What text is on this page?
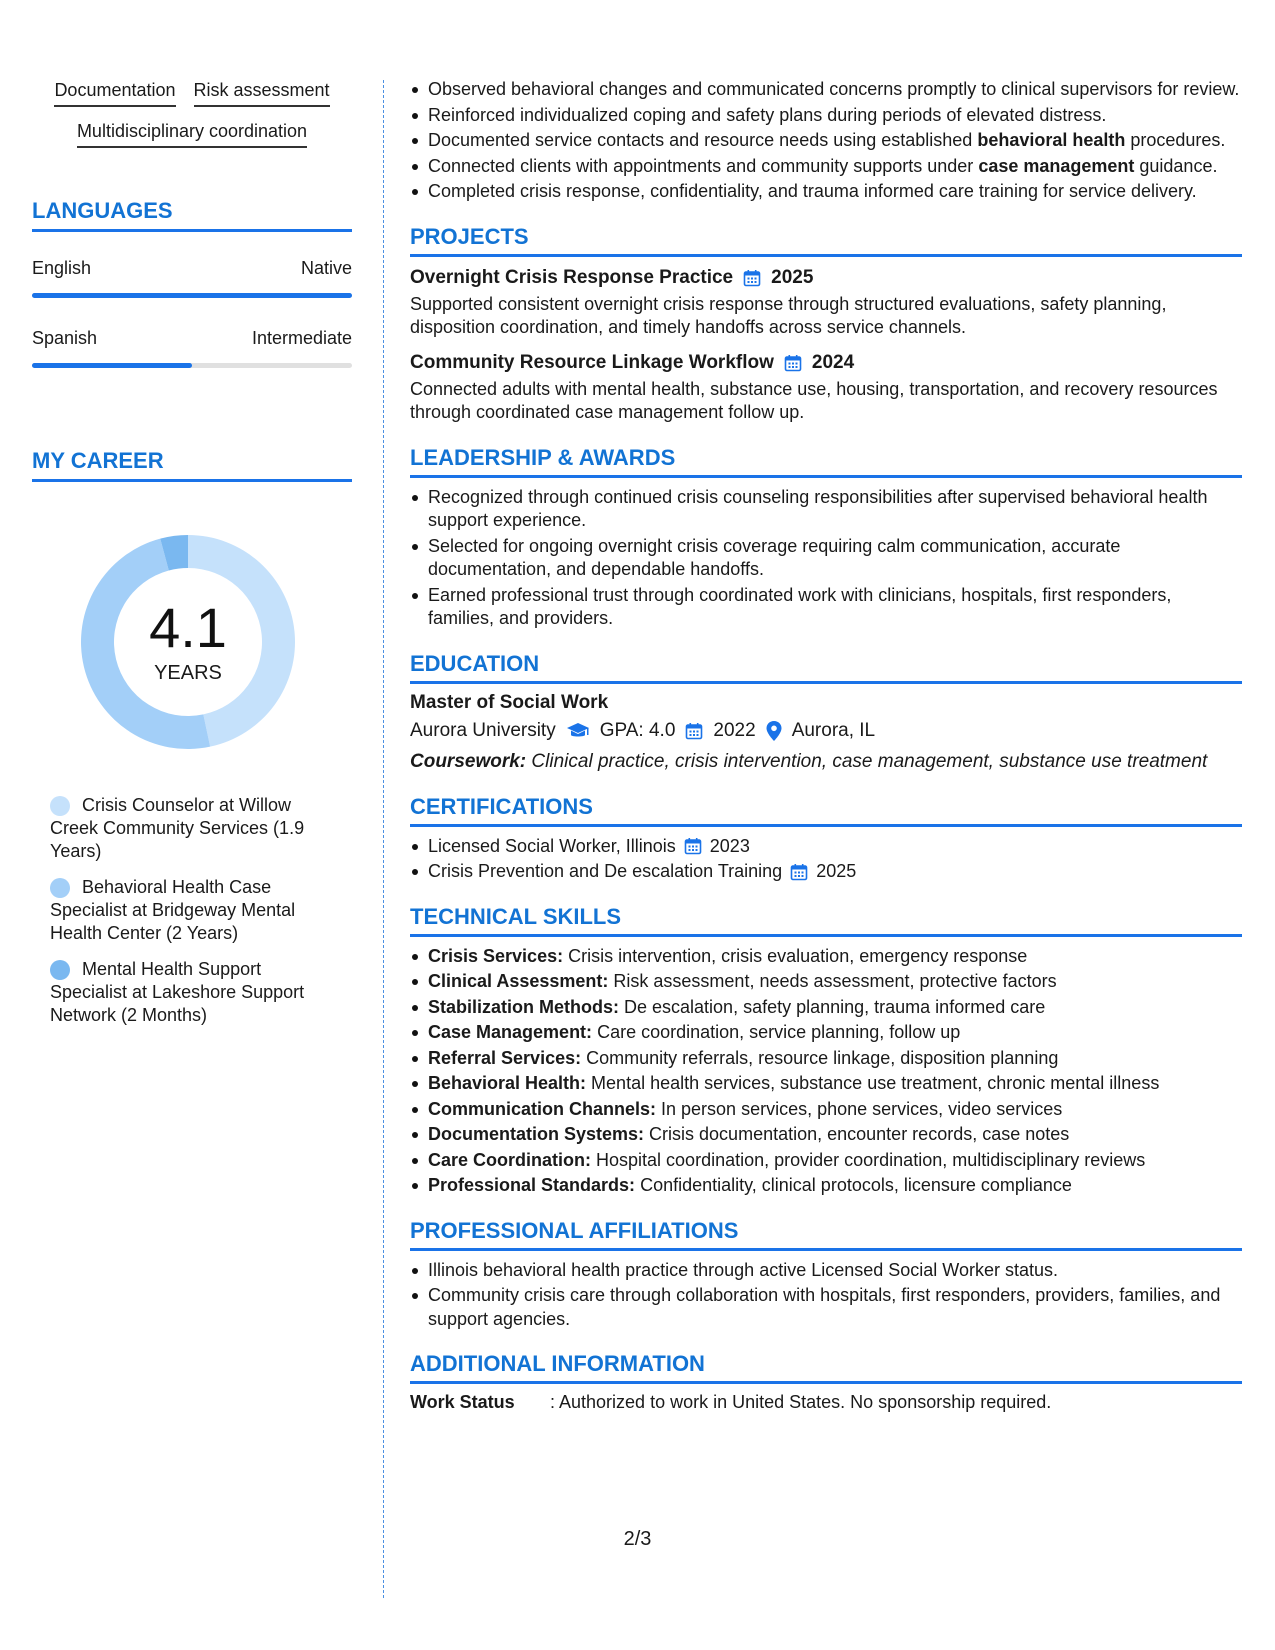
Documentation Risk assessment
Multidisciplinary coordination
LANGUAGES
English	Native
Spanish	Intermediate
MY CAREER
4.1
YEARS
Crisis Counselor at Willow Creek Community Services (1.9 Years)
Behavioral Health Case Specialist at Bridgeway Mental Health Center (2 Years)
Mental Health Support Specialist at Lakeshore Support Network (2 Months)
Observed behavioral changes and communicated concerns promptly to clinical supervisors for review.
Reinforced individualized coping and safety plans during periods of elevated distress.
Documented service contacts and resource needs using established behavioral health procedures.
Connected clients with appointments and community supports under case management guidance.
Completed crisis response, confidentiality, and trauma informed care training for service delivery.
PROJECTS
Overnight Crisis Response Practice 2025
Supported consistent overnight crisis response through structured evaluations, safety planning, disposition coordination, and timely handoffs across service channels.
Community Resource Linkage Workflow 2024
Connected adults with mental health, substance use, housing, transportation, and recovery resources through coordinated case management follow up.
LEADERSHIP & AWARDS
Recognized through continued crisis counseling responsibilities after supervised behavioral health support experience.
Selected for ongoing overnight crisis coverage requiring calm communication, accurate documentation, and dependable handoffs.
Earned professional trust through coordinated work with clinicians, hospitals, first responders, families, and providers.
EDUCATION
Master of Social Work
Aurora University GPA: 4.0 2022 Aurora, IL
Coursework: Clinical practice, crisis intervention, case management, substance use treatment
CERTIFICATIONS
Licensed Social Worker, Illinois 2023
Crisis Prevention and De escalation Training 2025
TECHNICAL SKILLS
Crisis Services: Crisis intervention, crisis evaluation, emergency response
Clinical Assessment: Risk assessment, needs assessment, protective factors
Stabilization Methods: De escalation, safety planning, trauma informed care
Case Management: Care coordination, service planning, follow up
Referral Services: Community referrals, resource linkage, disposition planning
Behavioral Health: Mental health services, substance use treatment, chronic mental illness
Communication Channels: In person services, phone services, video services
Documentation Systems: Crisis documentation, encounter records, case notes
Care Coordination: Hospital coordination, provider coordination, multidisciplinary reviews
Professional Standards: Confidentiality, clinical protocols, licensure compliance
PROFESSIONAL AFFILIATIONS
Illinois behavioral health practice through active Licensed Social Worker status.
Community crisis care through collaboration with hospitals, first responders, providers, families, and support agencies.
ADDITIONAL INFORMATION
Work Status	: Authorized to work in United States. No sponsorship required.
2/3
